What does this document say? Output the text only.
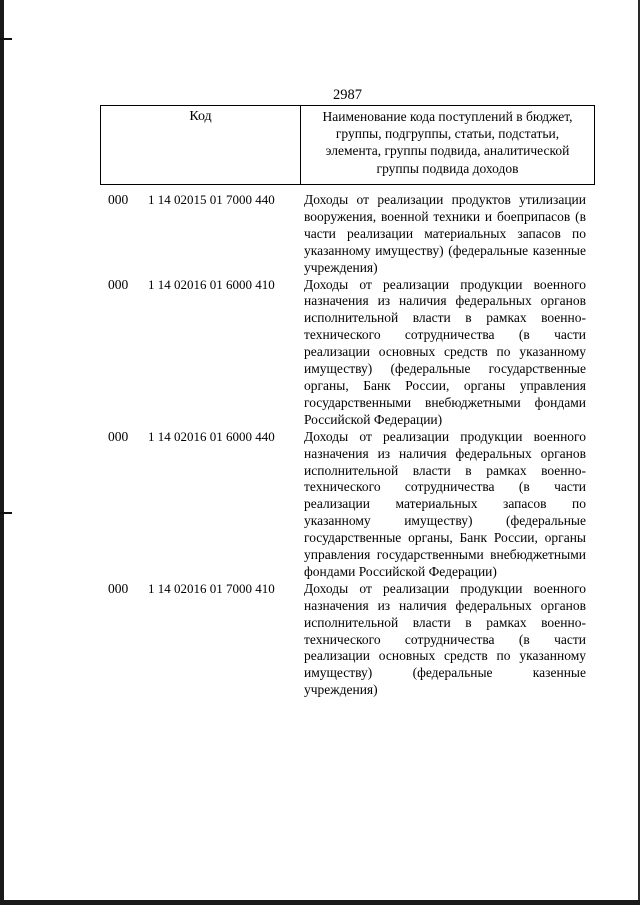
2987
Код	Наименование кода поступлений в бюджет, группы, подгруппы, статьи, подстатьи, элемента, группы подвида, аналитической группы подвида доходов
000	1 14 02015 01 7000 440	Доходы от реализации продуктов утилизации вооружения, военной техники и боеприпасов (в части реализации материальных запасов по указанному имуществу) (федеральные казенные учреждения)
000	1 14 02016 01 6000 410	Доходы от реализации продукции военного назначения из наличия федеральных органов исполнительной власти в рамках военно-технического сотрудничества (в части реализации основных средств по указанному имуществу) (федеральные государственные органы, Банк России, органы управления государственными внебюджетными фондами Российской Федерации)
000	1 14 02016 01 6000 440	Доходы от реализации продукции военного назначения из наличия федеральных органов исполнительной власти в рамках военно-технического сотрудничества (в части реализации материальных запасов по указанному имуществу) (федеральные государственные органы, Банк России, органы управления государственными внебюджетными фондами Российской Федерации)
000	1 14 02016 01 7000 410	Доходы от реализации продукции военного назначения из наличия федеральных органов исполнительной власти в рамках военно-технического сотрудничества (в части реализации основных средств по указанному имуществу) (федеральные казенные учреждения)
